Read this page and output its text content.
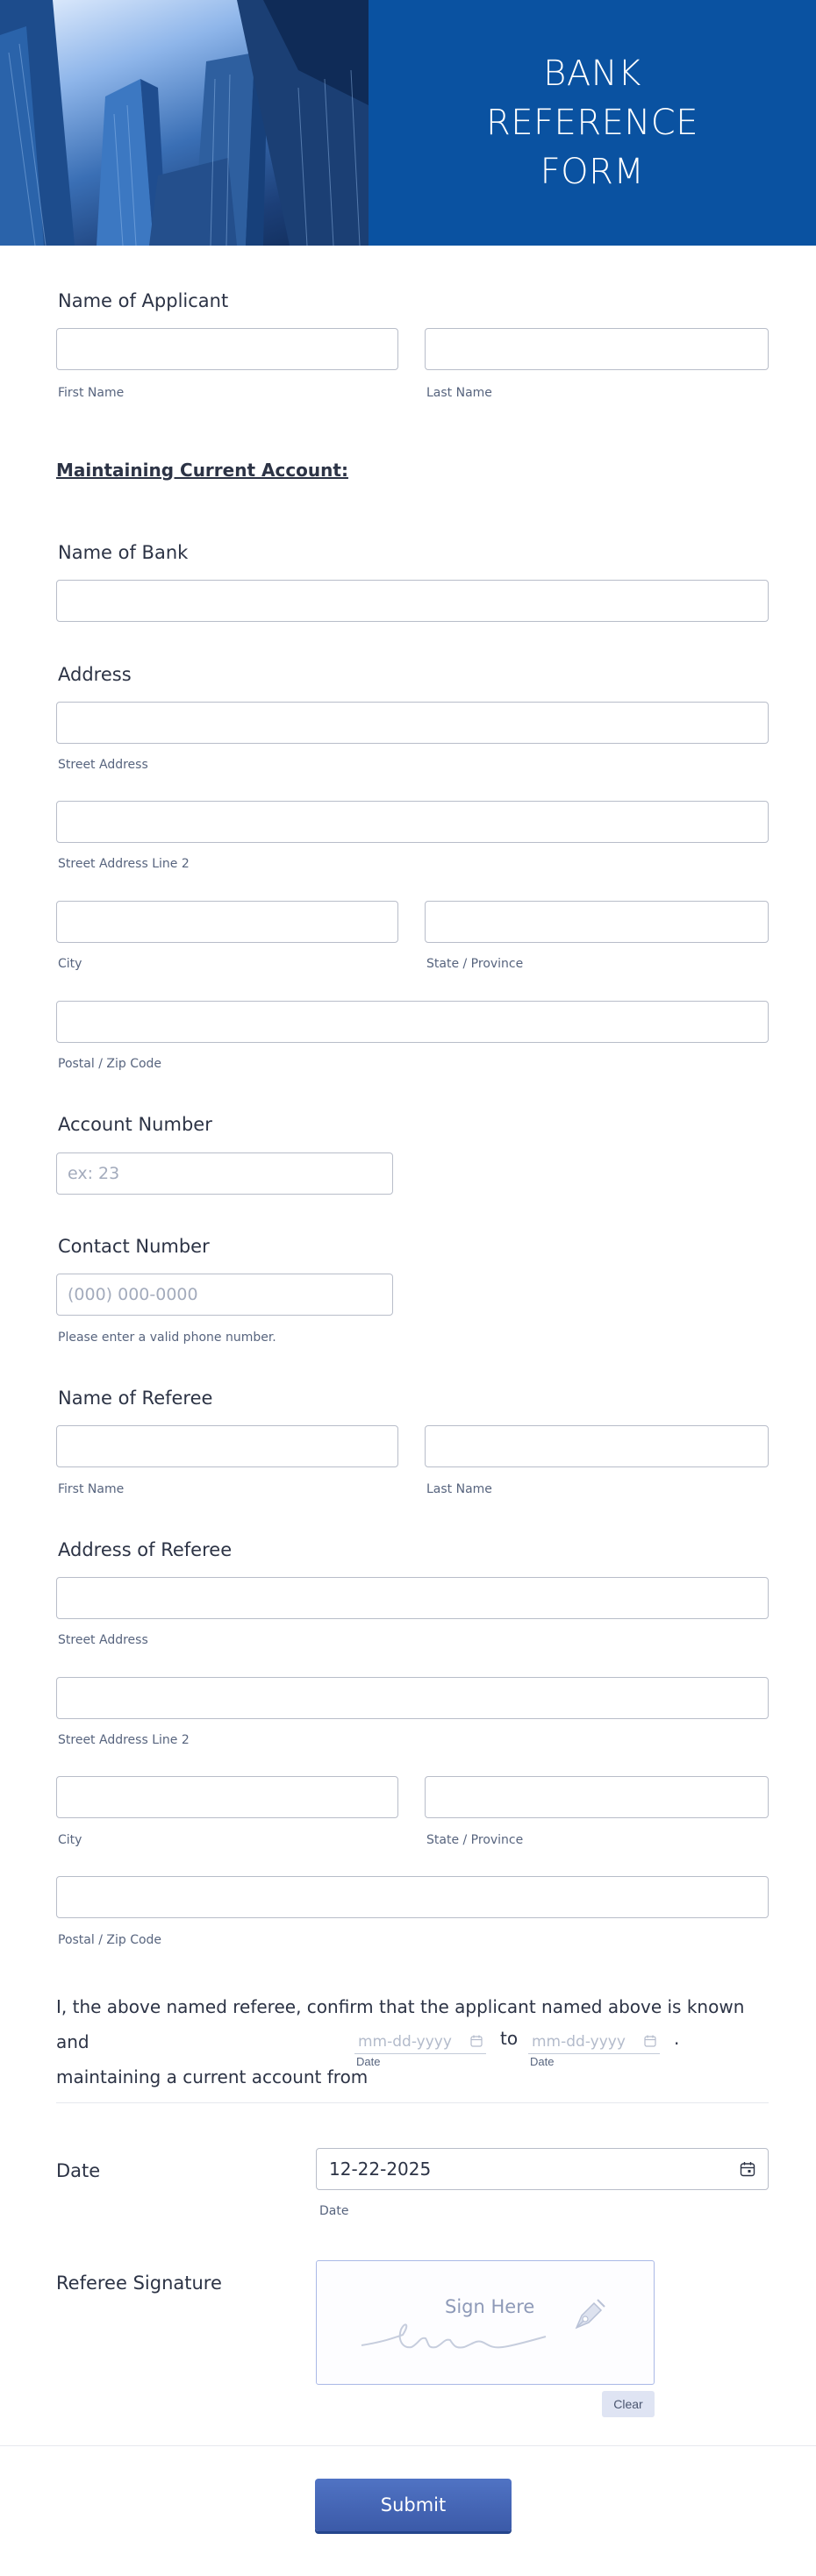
BANK REFERENCE FORM
Name of Applicant
First Name	Last Name
Maintaining Current Account:
Name of Bank
Address
Street Address
Street Address Line 2
City	State / Province
Postal / Zip Code
Account Number
ex: 23
Contact Number
(000) 000-0000
Please enter a valid phone number.
Name of Referee
First Name	Last Name
Address of Referee
Street Address
Street Address Line 2
City	State / Province
Postal / Zip Code
I, the above named referee, confirm that the applicant named above is known and
maintaining a current account from
mm-dd-yyyy
Date
to mm-dd-yyyy
Date
.
Date	12-22-2025
Date
Referee Signature
Sign Here
Clear
Submit
